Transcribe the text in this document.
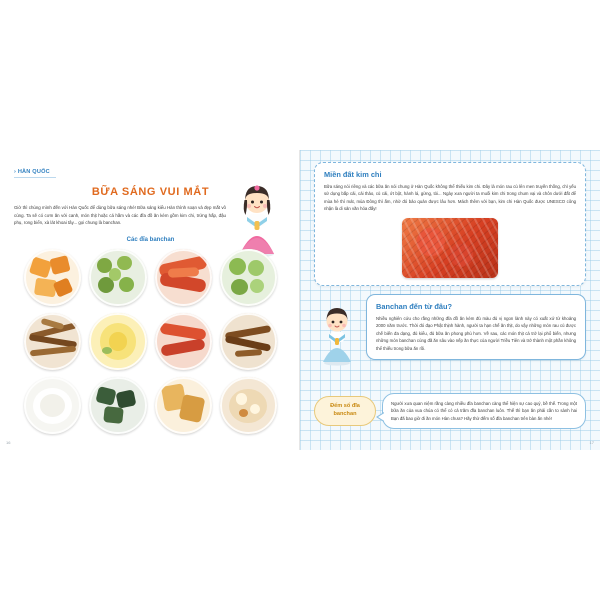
› HÀN QUỐC
BỮA SÁNG VUI MẮT
Giờ thì chúng mình đến với Hàn Quốc để dùng bữa sáng nhé! Bữa sáng kiểu Hàn thình soạn và đẹp mắt vô cùng. Ta sẽ có cơm ăn với canh, món thịt hoặc cá hầm và các đĩa đồ ăn kèm gồm kim chi, trứng hấp, đậu phụ, rong biển, xà lát khoai tây... gọi chung là banchan.
Các đĩa banchan
16
Miền đất kim chi

Bữa sáng nói riêng và các bữa ăn nói chung ở Hàn Quốc không thể thiếu kim chi. Đây là món rau củ lên men truyền thống, chỉ yếu sử dụng bắp cải, cải thảo, củ cải, ớt bột, hành lá, gừng, tỏi... Ngày xưa người ta muối kim chi trong chum vại và chôn dưới đất để mùa hè thì mát, mùa Đông thì ấm, nhờ đó bảo quản được lâu hơn. Mách thêm với bạn, kim chi Hàn Quốc được UNESCO công nhận là di sản văn hóa đấy!

Banchan đến từ đâu?

Nhiều nghiên cứu cho rằng những đĩa đồ ăn kèm đủ màu đủ vị ngon lành này có xuất xứ từ khoảng 2000 năm trước. Thời đó đạo Phật thịnh hành, người ta hạn chế ăn thịt, do vậy những món rau củ được chế biến đa dạng, đủ kiểu, đủ bữa ăn phong phú hơn. Về sau, các món thịt cá trở lại phổ biến, nhưng những món banchan cùng đã ăn sâu vào nếp ăn thực của người Triều Tiên và trở thành một phần không thể thiếu trong bữa ăn rồi.

Đếm số đĩa banchan

Người xưa quan niệm rằng càng nhiều đĩa banchan càng thể hiện sự cao quý, bề thế. Trong một bữa ăn của vua chúa có thể có cả trăm đĩa banchan luôn. Thế thì bạn ăn phải cần to sành hai Bạn đã bao giờ đi ăn món Hàn chưa? Hãy thử đếm số đĩa banchan trên bàn ăn nhé!

17
